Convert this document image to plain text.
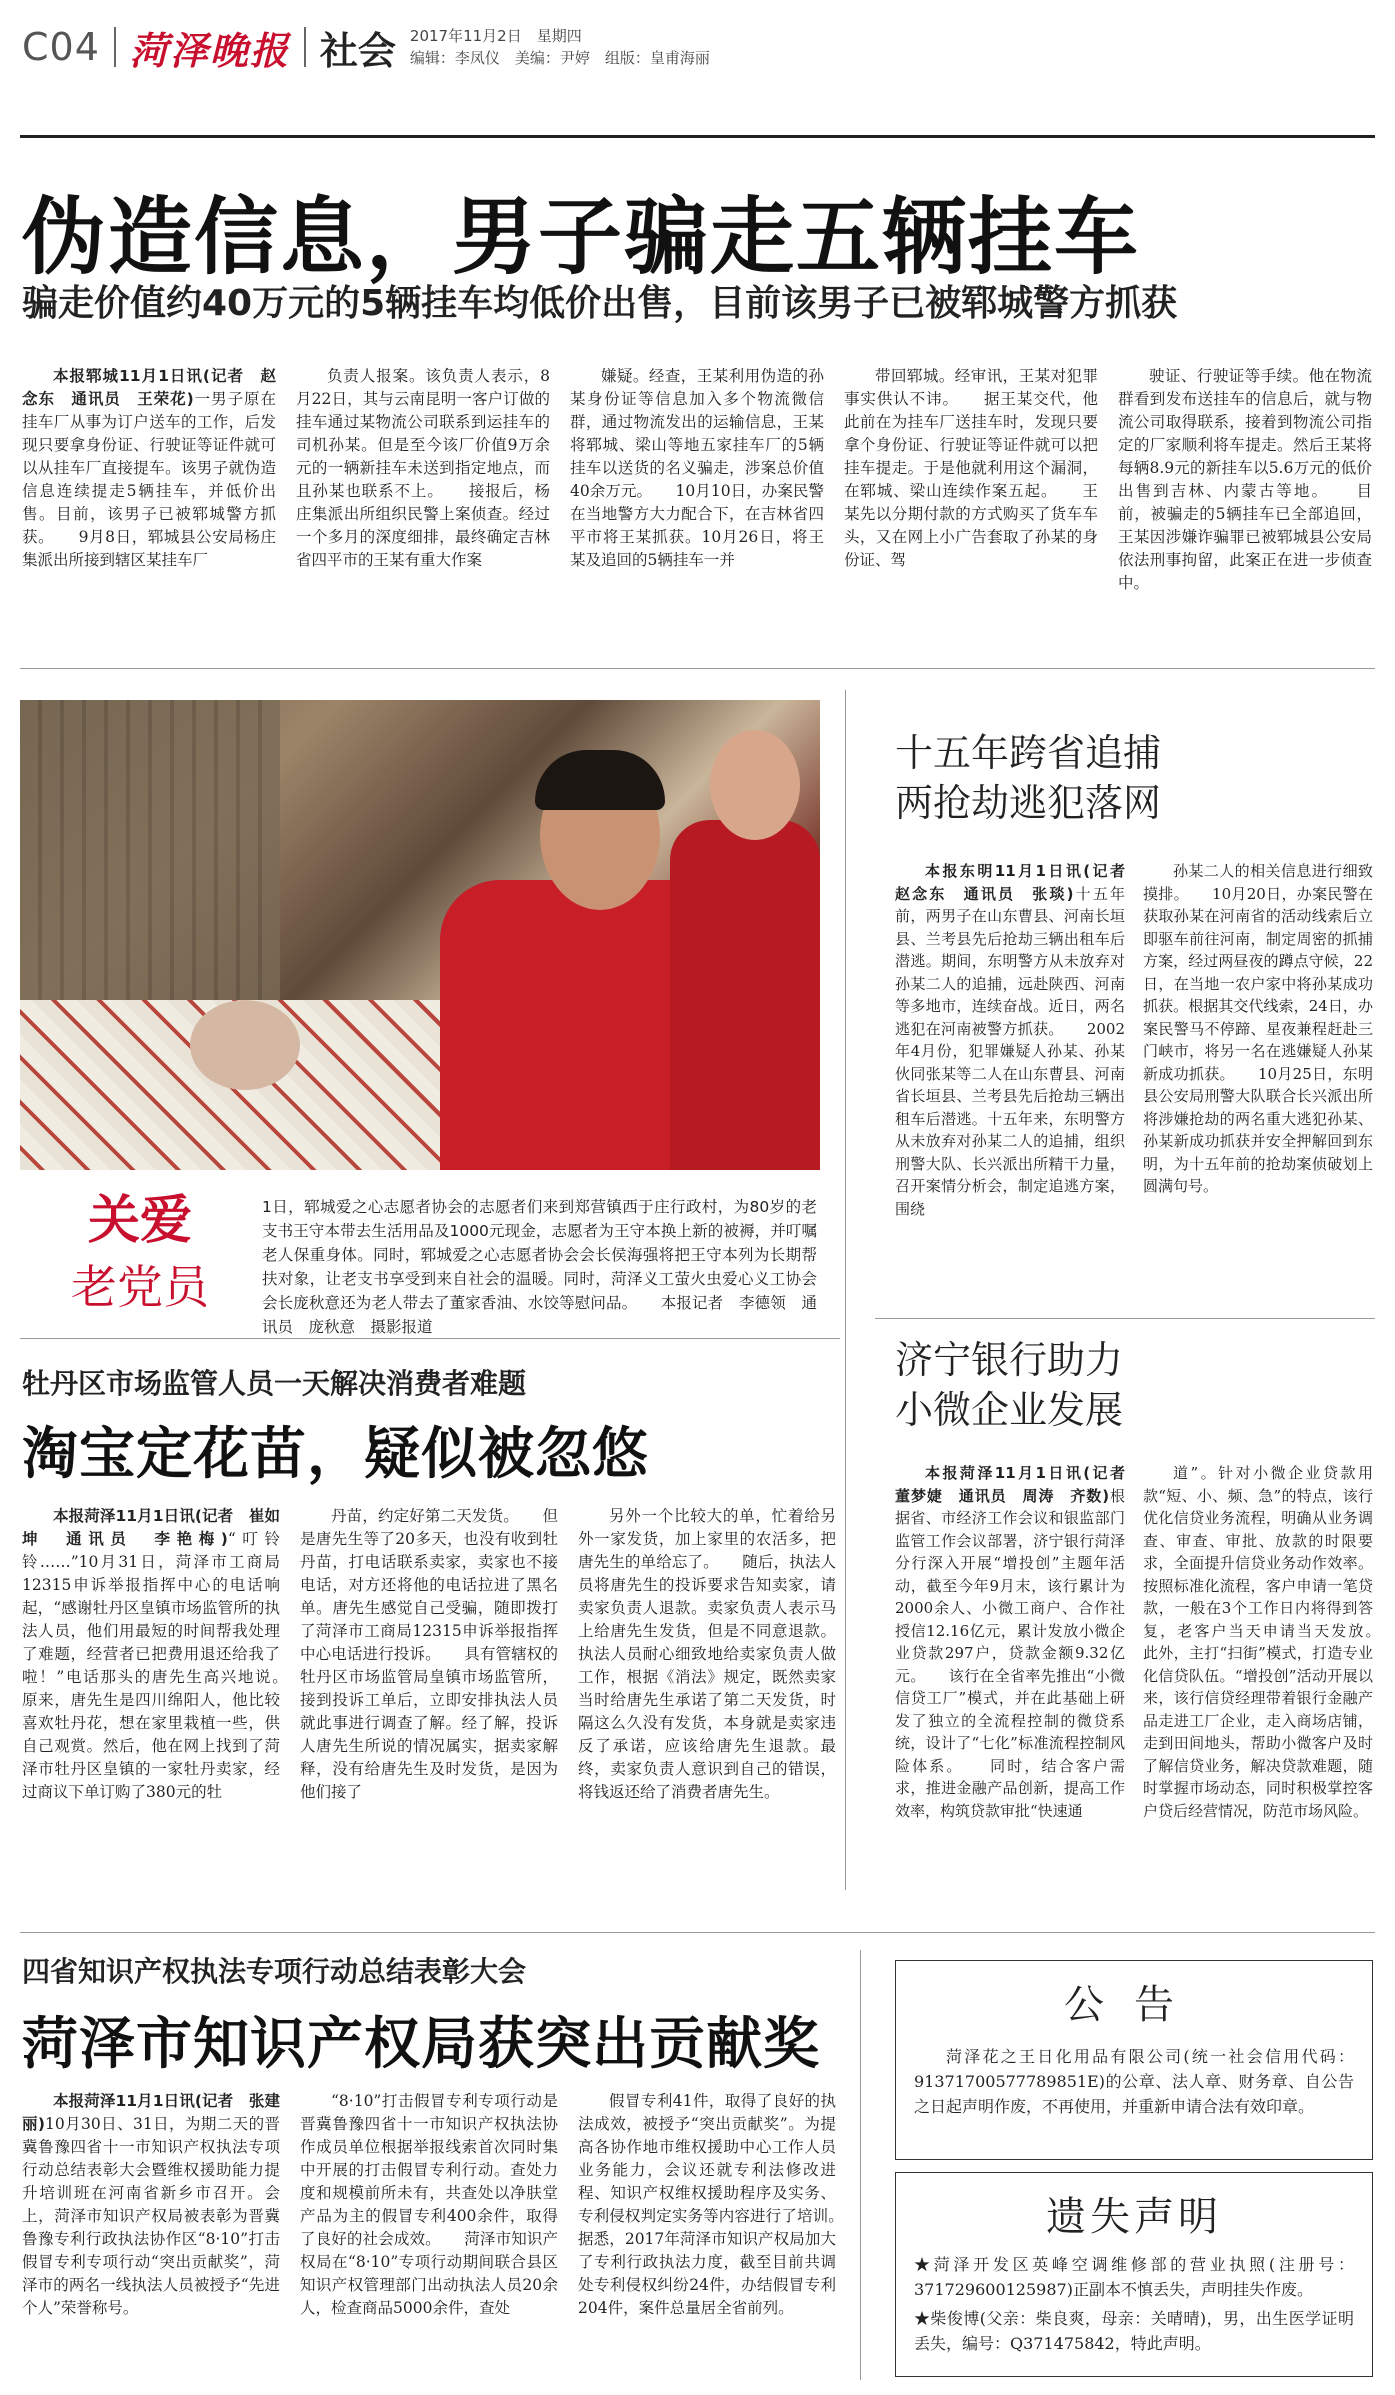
C04 菏泽晚报 社会 2017年11月2日　星期四
编辑：李凤仪　美编：尹婷　组版：皇甫海丽
伪造信息，男子骗走五辆挂车
骗走价值约40万元的5辆挂车均低价出售，目前该男子已被郓城警方抓获

本报郓城11月1日讯(记者　赵念东　通讯员　王荣花)一男子原在挂车厂从事为订户送车的工作，后发现只要拿身份证、行驶证等证件就可以从挂车厂直接提车。该男子就伪造信息连续提走5辆挂车，并低价出售。目前，该男子已被郓城警方抓获。　　9月8日，郓城县公安局杨庄集派出所接到辖区某挂车厂

负责人报案。该负责人表示，8月22日，其与云南昆明一客户订做的挂车通过某物流公司联系到运挂车的司机孙某。但是至今该厂价值9万余元的一辆新挂车未送到指定地点，而且孙某也联系不上。　　接报后，杨庄集派出所组织民警上案侦查。经过一个多月的深度细排，最终确定吉林省四平市的王某有重大作案

嫌疑。经查，王某利用伪造的孙某身份证等信息加入多个物流微信群，通过物流发出的运输信息，王某将郓城、梁山等地五家挂车厂的5辆挂车以送货的名义骗走，涉案总价值40余万元。　　10月10日，办案民警在当地警方大力配合下，在吉林省四平市将王某抓获。10月26日，将王某及追回的5辆挂车一并

带回郓城。经审讯，王某对犯罪事实供认不讳。　　据王某交代，他此前在为挂车厂送挂车时，发现只要拿个身份证、行驶证等证件就可以把挂车提走。于是他就利用这个漏洞，在郓城、梁山连续作案五起。　　王某先以分期付款的方式购买了货车车头，又在网上小广告套取了孙某的身份证、驾

驶证、行驶证等手续。他在物流群看到发布送挂车的信息后，就与物流公司取得联系，接着到物流公司指定的厂家顺利将车提走。然后王某将每辆8.9元的新挂车以5.6万元的低价出售到吉林、内蒙古等地。　　目前，被骗走的5辆挂车已全部追回，王某因涉嫌诈骗罪已被郓城县公安局依法刑事拘留，此案正在进一步侦查中。

关爱
老党员
1日，郓城爱之心志愿者协会的志愿者们来到郑营镇西于庄行政村，为80岁的老支书王守本带去生活用品及1000元现金，志愿者为王守本换上新的被褥，并叮嘱老人保重身体。同时，郓城爱之心志愿者协会会长侯海强将把王守本列为长期帮扶对象，让老支书享受到来自社会的温暖。同时，菏泽义工萤火虫爱心义工协会会长庞秋意还为老人带去了董家香油、水饺等慰问品。　　本报记者　李德领　通讯员　庞秋意　摄影报道
十五年跨省追捕
两抢劫逃犯落网

本报东明11月1日讯(记者　赵念东　通讯员　张琰)十五年前，两男子在山东曹县、河南长垣县、兰考县先后抢劫三辆出租车后潜逃。期间，东明警方从未放弃对孙某二人的追捕，远赴陕西、河南等多地市，连续奋战。近日，两名逃犯在河南被警方抓获。　　2002年4月份，犯罪嫌疑人孙某、孙某伙同张某等二人在山东曹县、河南省长垣县、兰考县先后抢劫三辆出租车后潜逃。十五年来，东明警方从未放弃对孙某二人的追捕，组织刑警大队、长兴派出所精干力量，召开案情分析会，制定追逃方案，围绕

孙某二人的相关信息进行细致摸排。　　10月20日，办案民警在获取孙某在河南省的活动线索后立即驱车前往河南，制定周密的抓捕方案，经过两昼夜的蹲点守候，22日，在当地一农户家中将孙某成功抓获。根据其交代线索，24日，办案民警马不停蹄、星夜兼程赶赴三门峡市，将另一名在逃嫌疑人孙某新成功抓获。　　10月25日，东明县公安局刑警大队联合长兴派出所将涉嫌抢劫的两名重大逃犯孙某、孙某新成功抓获并安全押解回到东明，为十五年前的抢劫案侦破划上圆满句号。

济宁银行助力
小微企业发展

本报菏泽11月1日讯(记者　董梦婕　通讯员　周涛　齐数)根据省、市经济工作会议和银监部门监管工作会议部署，济宁银行菏泽分行深入开展“增投创”主题年活动，截至今年9月末，该行累计为2000余人、小微工商户、合作社授信12.16亿元，累计发放小微企业贷款297户，贷款金额9.32亿元。　　该行在全省率先推出“小微信贷工厂”模式，并在此基础上研发了独立的全流程控制的微贷系统，设计了“七化”标准流程控制风险体系。　　同时，结合客户需求，推进金融产品创新，提高工作效率，构筑贷款审批“快速通

道”。针对小微企业贷款用款“短、小、频、急”的特点，该行优化信贷业务流程，明确从业务调查、审查、审批、放款的时限要求，全面提升信贷业务动作效率。按照标准化流程，客户申请一笔贷款，一般在3个工作日内将得到答复，老客户当天申请当天发放。　　此外，主打“扫街”模式，打造专业化信贷队伍。“增投创”活动开展以来，该行信贷经理带着银行金融产品走进工厂企业，走入商场店铺，走到田间地头，帮助小微客户及时了解信贷业务，解决贷款难题，随时掌握市场动态，同时积极掌控客户贷后经营情况，防范市场风险。

牡丹区市场监管人员一天解决消费者难题
淘宝定花苗，疑似被忽悠

本报菏泽11月1日讯(记者　崔如坤　通讯员　李艳梅)“叮铃铃……”10月31日，菏泽市工商局12315申诉举报指挥中心的电话响起，“感谢牡丹区皇镇市场监管所的执法人员，他们用最短的时间帮我处理了难题，经营者已把费用退还给我了啦！”电话那头的唐先生高兴地说。　　原来，唐先生是四川绵阳人，他比较喜欢牡丹花，想在家里栽植一些，供自己观赏。然后，他在网上找到了菏泽市牡丹区皇镇的一家牡丹卖家，经过商议下单订购了380元的牡

丹苗，约定好第二天发货。　　但是唐先生等了20多天，也没有收到牡丹苗，打电话联系卖家，卖家也不接电话，对方还将他的电话拉进了黑名单。唐先生感觉自己受骗，随即拨打了菏泽市工商局12315申诉举报指挥中心电话进行投诉。　　具有管辖权的牡丹区市场监管局皇镇市场监管所，接到投诉工单后，立即安排执法人员就此事进行调查了解。经了解，投诉人唐先生所说的情况属实，据卖家解释，没有给唐先生及时发货，是因为他们接了

另外一个比较大的单，忙着给另外一家发货，加上家里的农活多，把唐先生的单给忘了。　　随后，执法人员将唐先生的投诉要求告知卖家，请卖家负责人退款。卖家负责人表示马上给唐先生发货，但是不同意退款。执法人员耐心细致地给卖家负责人做工作，根据《消法》规定，既然卖家当时给唐先生承诺了第二天发货，时隔这么久没有发货，本身就是卖家违反了承诺，应该给唐先生退款。最终，卖家负责人意识到自己的错误，将钱返还给了消费者唐先生。

四省知识产权执法专项行动总结表彰大会
菏泽市知识产权局获突出贡献奖

本报菏泽11月1日讯(记者　张建丽)10月30日、31日，为期二天的晋冀鲁豫四省十一市知识产权执法专项行动总结表彰大会暨维权援助能力提升培训班在河南省新乡市召开。会上，菏泽市知识产权局被表彰为晋冀鲁豫专利行政执法协作区“8·10”打击假冒专利专项行动“突出贡献奖”，菏泽市的两名一线执法人员被授予“先进个人”荣誉称号。

“8·10”打击假冒专利专项行动是晋冀鲁豫四省十一市知识产权执法协作成员单位根据举报线索首次同时集中开展的打击假冒专利行动。查处力度和规模前所未有，共查处以净肤堂产品为主的假冒专利400余件，取得了良好的社会成效。　　菏泽市知识产权局在“8·10”专项行动期间联合县区知识产权管理部门出动执法人员20余人，检查商品5000余件，查处

假冒专利41件，取得了良好的执法成效，被授予“突出贡献奖”。为提高各协作地市维权援助中心工作人员业务能力，会议还就专利法修改进程、知识产权维权援助程序及实务、专利侵权判定实务等内容进行了培训。　　据悉，2017年菏泽市知识产权局加大了专利行政执法力度，截至目前共调处专利侵权纠纷24件，办结假冒专利204件，案件总量居全省前列。

公告
菏泽花之王日化用品有限公司(统一社会信用代码：91371700577789851E)的公章、法人章、财务章、自公告之日起声明作废，不再使用，并重新申请合法有效印章。
遗失声明
★菏泽开发区英峰空调维修部的营业执照(注册号：371729600125987)正副本不慎丢失，声明挂失作废。
★柴俊博(父亲：柴良爽，母亲：关晴晴)，男，出生医学证明丢失，编号：Q371475842，特此声明。
